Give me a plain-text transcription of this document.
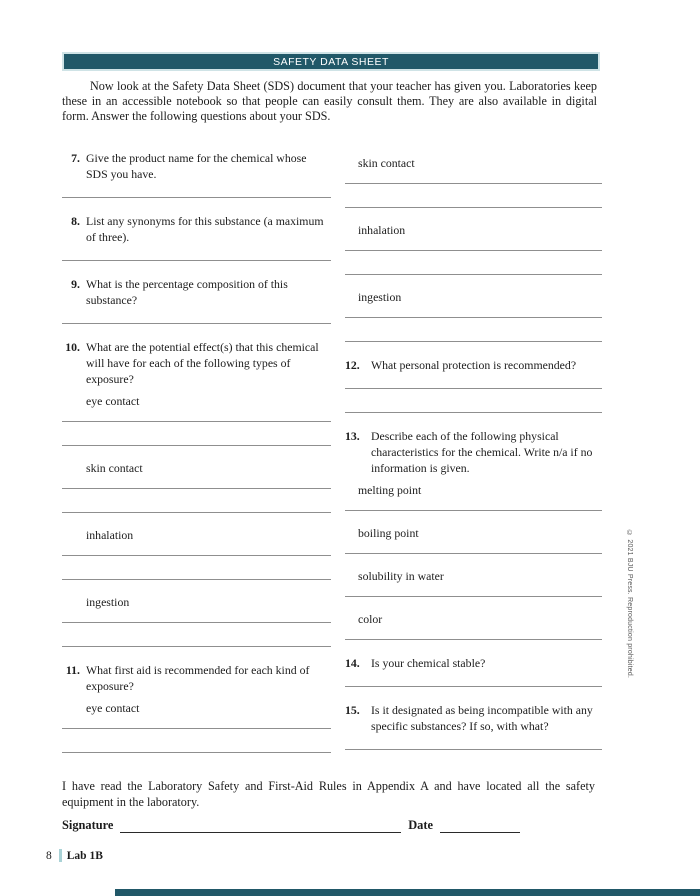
SAFETY DATA SHEET

Now look at the Safety Data Sheet (SDS) document that your teacher has given you. Laboratories keep these in an accessible notebook so that people can easily consult them. They are also available in digital form. Answer the following questions about your SDS.

7. Give the product name for the chemical whose SDS you have.
8. List any synonyms for this substance (a maximum of three).
9. What is the percentage composition of this substance?
10. What are the potential effect(s) that this chemical will have for each of the following types of exposure?
eye contact
skin contact
inhalation
ingestion
11. What first aid is recommended for each kind of exposure?
eye contact
skin contact
inhalation
ingestion
12. What personal protection is recommended?
13. Describe each of the following physical characteristics for the chemical. Write n/a if no information is given.
melting point
boiling point
solubility in water
color
14. Is your chemical stable?
15. Is it designated as being incompatible with any specific substances? If so, with what?

I have read the Laboratory Safety and First-Aid Rules in Appendix A and have located all the safety equipment in the laboratory.

Signature	Date
8 Lab 1B
© 2021 BJU Press. Reproduction prohibited.
